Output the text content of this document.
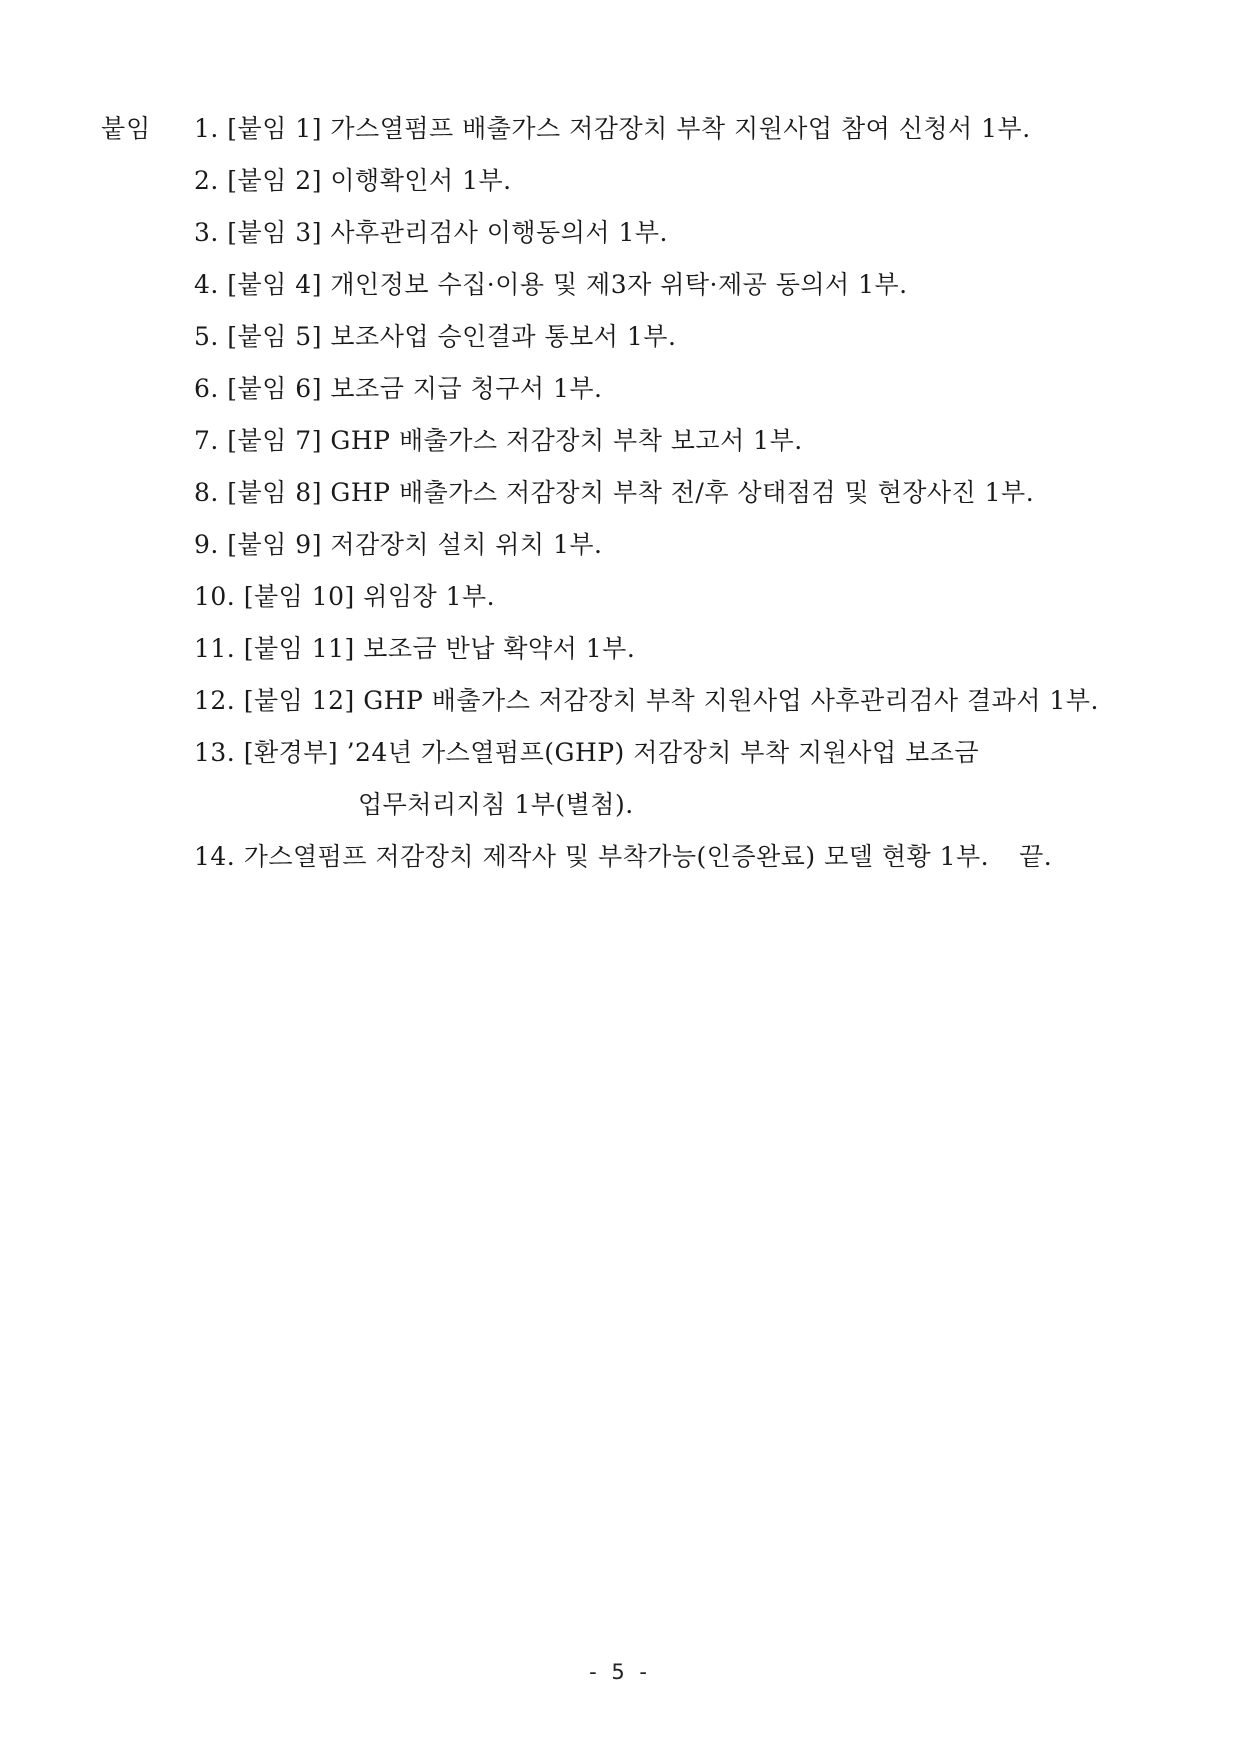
붙임 1. [붙임 1] 가스열펌프 배출가스 저감장치 부착 지원사업 참여 신청서 1부.
2. [붙임 2] 이행확인서 1부.
3. [붙임 3] 사후관리검사 이행동의서 1부.
4. [붙임 4] 개인정보 수집·이용 및 제3자 위탁·제공 동의서 1부.
5. [붙임 5] 보조사업 승인결과 통보서 1부.
6. [붙임 6] 보조금 지급 청구서 1부.
7. [붙임 7] GHP 배출가스 저감장치 부착 보고서 1부.
8. [붙임 8] GHP 배출가스 저감장치 부착 전/후 상태점검 및 현장사진 1부.
9. [붙임 9] 저감장치 설치 위치 1부.
10. [붙임 10] 위임장 1부.
11. [붙임 11] 보조금 반납 확약서 1부.
12. [붙임 12] GHP 배출가스 저감장치 부착 지원사업 사후관리검사 결과서 1부.
13. [환경부] ’24년 가스열펌프(GHP) 저감장치 부착 지원사업 보조금
업무처리지침 1부(별첨).
14. 가스열펌프 저감장치 제작사 및 부착가능(인증완료) 모델 현황 1부. 끝.
- 5 -
